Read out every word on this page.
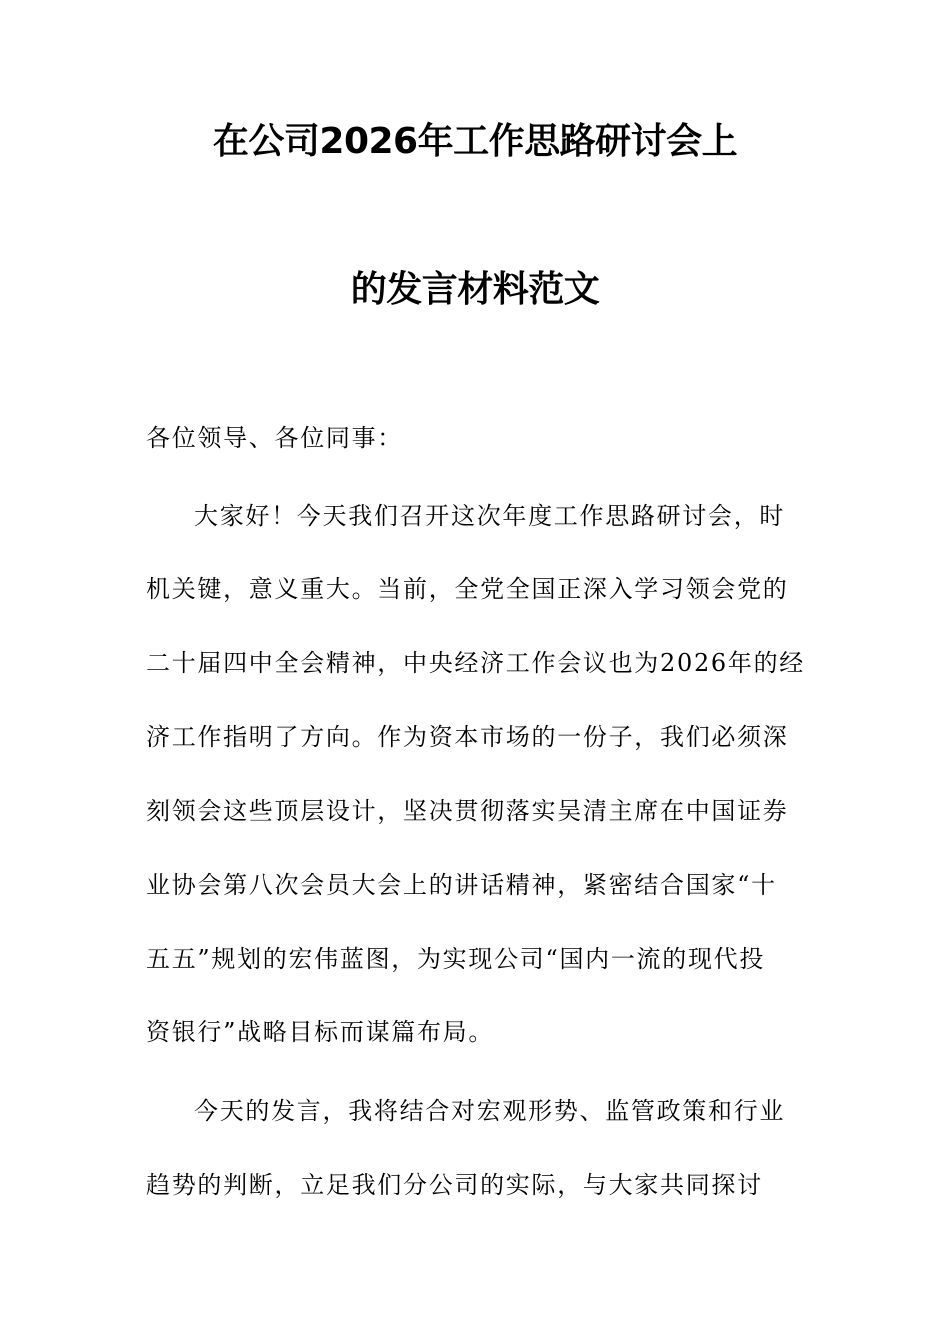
在公司2026年工作思路研讨会上
的发言材料范文
各位领导、各位同事：
大家好！今天我们召开这次年度工作思路研讨会，时
机关键，意义重大。当前，全党全国正深入学习领会党的
二十届四中全会精神，中央经济工作会议也为2026年的经
济工作指明了方向。作为资本市场的一份子，我们必须深
刻领会这些顶层设计，坚决贯彻落实吴清主席在中国证券
业协会第八次会员大会上的讲话精神，紧密结合国家“十
五五”规划的宏伟蓝图，为实现公司“国内一流的现代投
资银行”战略目标而谋篇布局。
今天的发言，我将结合对宏观形势、监管政策和行业
趋势的判断，立足我们分公司的实际，与大家共同探讨
